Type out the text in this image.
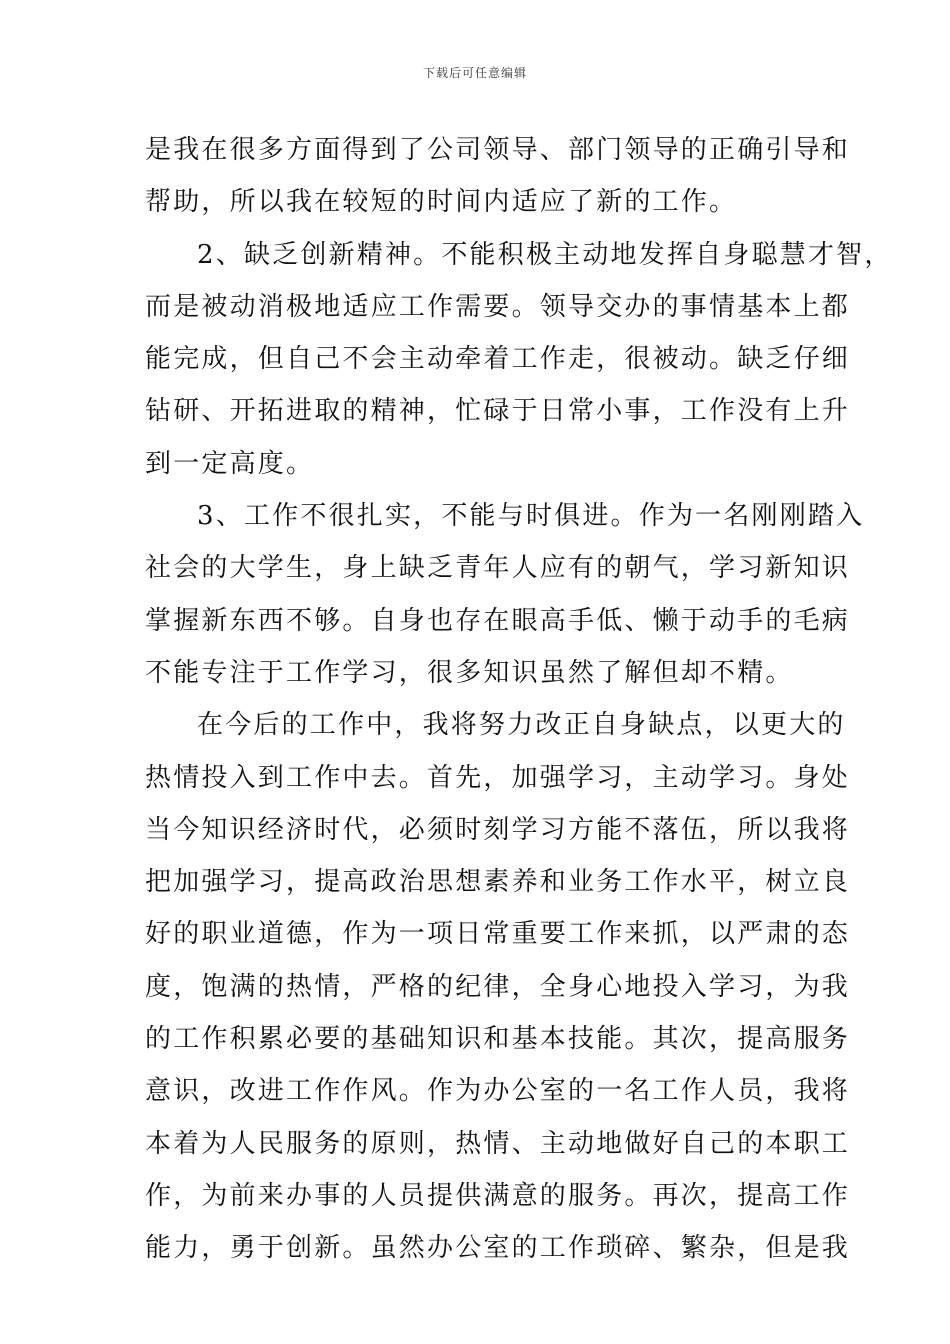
下载后可任意编辑
是我在很多方面得到了公司领导、部门领导的正确引导和
帮助，所以我在较短的时间内适应了新的工作。
2、缺乏创新精神。不能积极主动地发挥自身聪慧才智，
而是被动消极地适应工作需要。领导交办的事情基本上都
能完成，但自己不会主动牵着工作走，很被动。缺乏仔细
钻研、开拓进取的精神，忙碌于日常小事，工作没有上升
到一定高度。
3、工作不很扎实，不能与时俱进。作为一名刚刚踏入
社会的大学生，身上缺乏青年人应有的朝气，学习新知识
掌握新东西不够。自身也存在眼高手低、懒于动手的毛病
不能专注于工作学习，很多知识虽然了解但却不精。
在今后的工作中，我将努力改正自身缺点，以更大的
热情投入到工作中去。首先，加强学习，主动学习。身处
当今知识经济时代，必须时刻学习方能不落伍，所以我将
把加强学习，提高政治思想素养和业务工作水平，树立良
好的职业道德，作为一项日常重要工作来抓，以严肃的态
度，饱满的热情，严格的纪律，全身心地投入学习，为我
的工作积累必要的基础知识和基本技能。其次，提高服务
意识，改进工作作风。作为办公室的一名工作人员，我将
本着为人民服务的原则，热情、主动地做好自己的本职工
作，为前来办事的人员提供满意的服务。再次，提高工作
能力，勇于创新。虽然办公室的工作琐碎、繁杂，但是我
